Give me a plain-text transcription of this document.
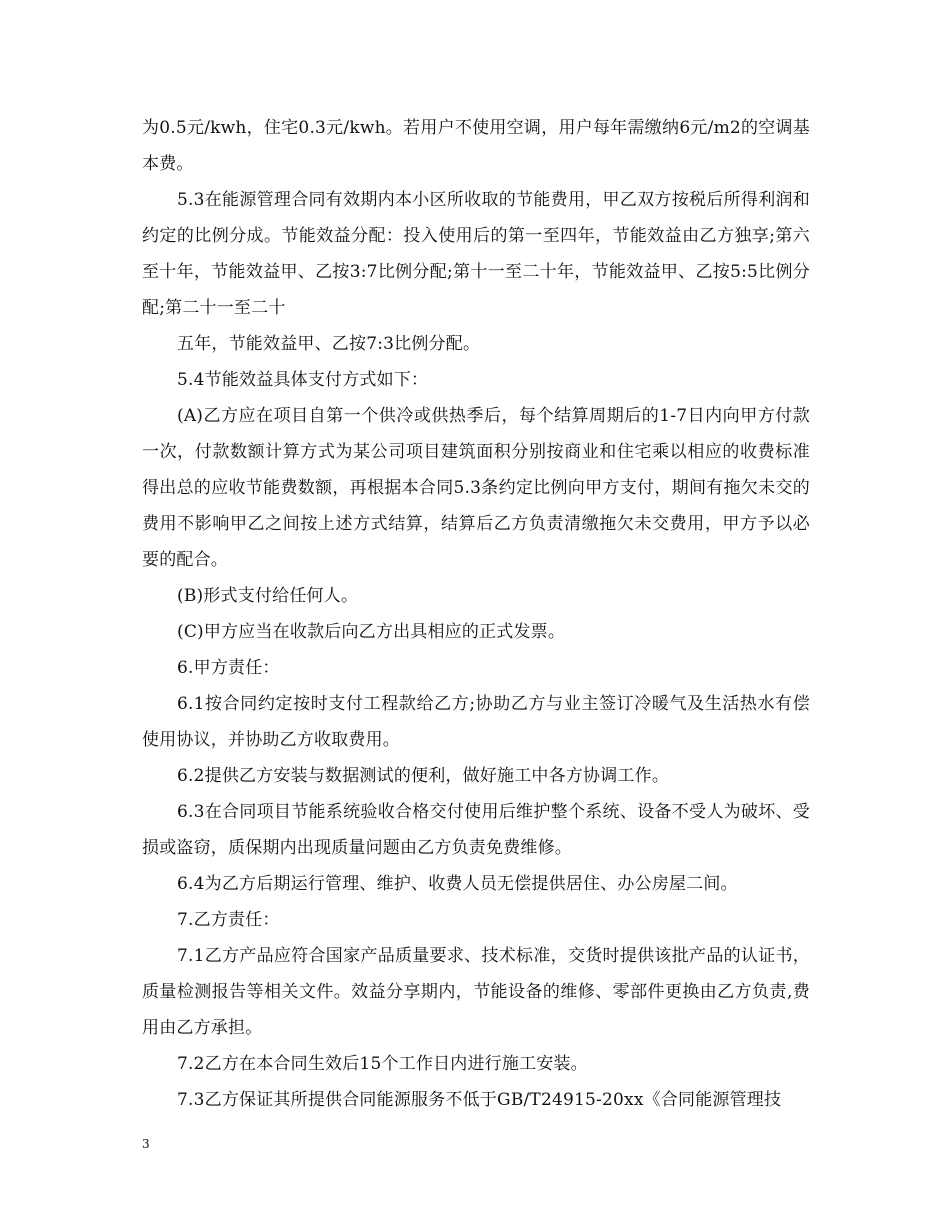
为0.5元/kwh，住宅0.3元/kwh。若用户不使用空调，用户每年需缴纳6元/m2的空调基本费。

5.3在能源管理合同有效期内本小区所收取的节能费用，甲乙双方按税后所得利润和约定的比例分成。节能效益分配：投入使用后的第一至四年，节能效益由乙方独享;第六至十年，节能效益甲、乙按3:7比例分配;第十一至二十年，节能效益甲、乙按5:5比例分配;第二十一至二十

五年，节能效益甲、乙按7:3比例分配。

5.4节能效益具体支付方式如下：

(A)乙方应在项目自第一个供冷或供热季后，每个结算周期后的1-7日内向甲方付款一次，付款数额计算方式为某公司项目建筑面积分别按商业和住宅乘以相应的收费标准得出总的应收节能费数额，再根据本合同5.3条约定比例向甲方支付，期间有拖欠未交的费用不影响甲乙之间按上述方式结算，结算后乙方负责清缴拖欠未交费用，甲方予以必要的配合。

(B)形式支付给任何人。

(C)甲方应当在收款后向乙方出具相应的正式发票。

6.甲方责任：

6.1按合同约定按时支付工程款给乙方;协助乙方与业主签订冷暖气及生活热水有偿使用协议，并协助乙方收取费用。

6.2提供乙方安装与数据测试的便利，做好施工中各方协调工作。

6.3在合同项目节能系统验收合格交付使用后维护整个系统、设备不受人为破坏、受损或盗窃，质保期内出现质量问题由乙方负责免费维修。

6.4为乙方后期运行管理、维护、收费人员无偿提供居住、办公房屋二间。

7.乙方责任：

7.1乙方产品应符合国家产品质量要求、技术标准，交货时提供该批产品的认证书，质量检测报告等相关文件。效益分享期内，节能设备的维修、零部件更换由乙方负责,费用由乙方承担。

7.2乙方在本合同生效后15个工作日内进行施工安装。

7.3乙方保证其所提供合同能源服务不低于GB/T24915-20xx《合同能源管理技

3
